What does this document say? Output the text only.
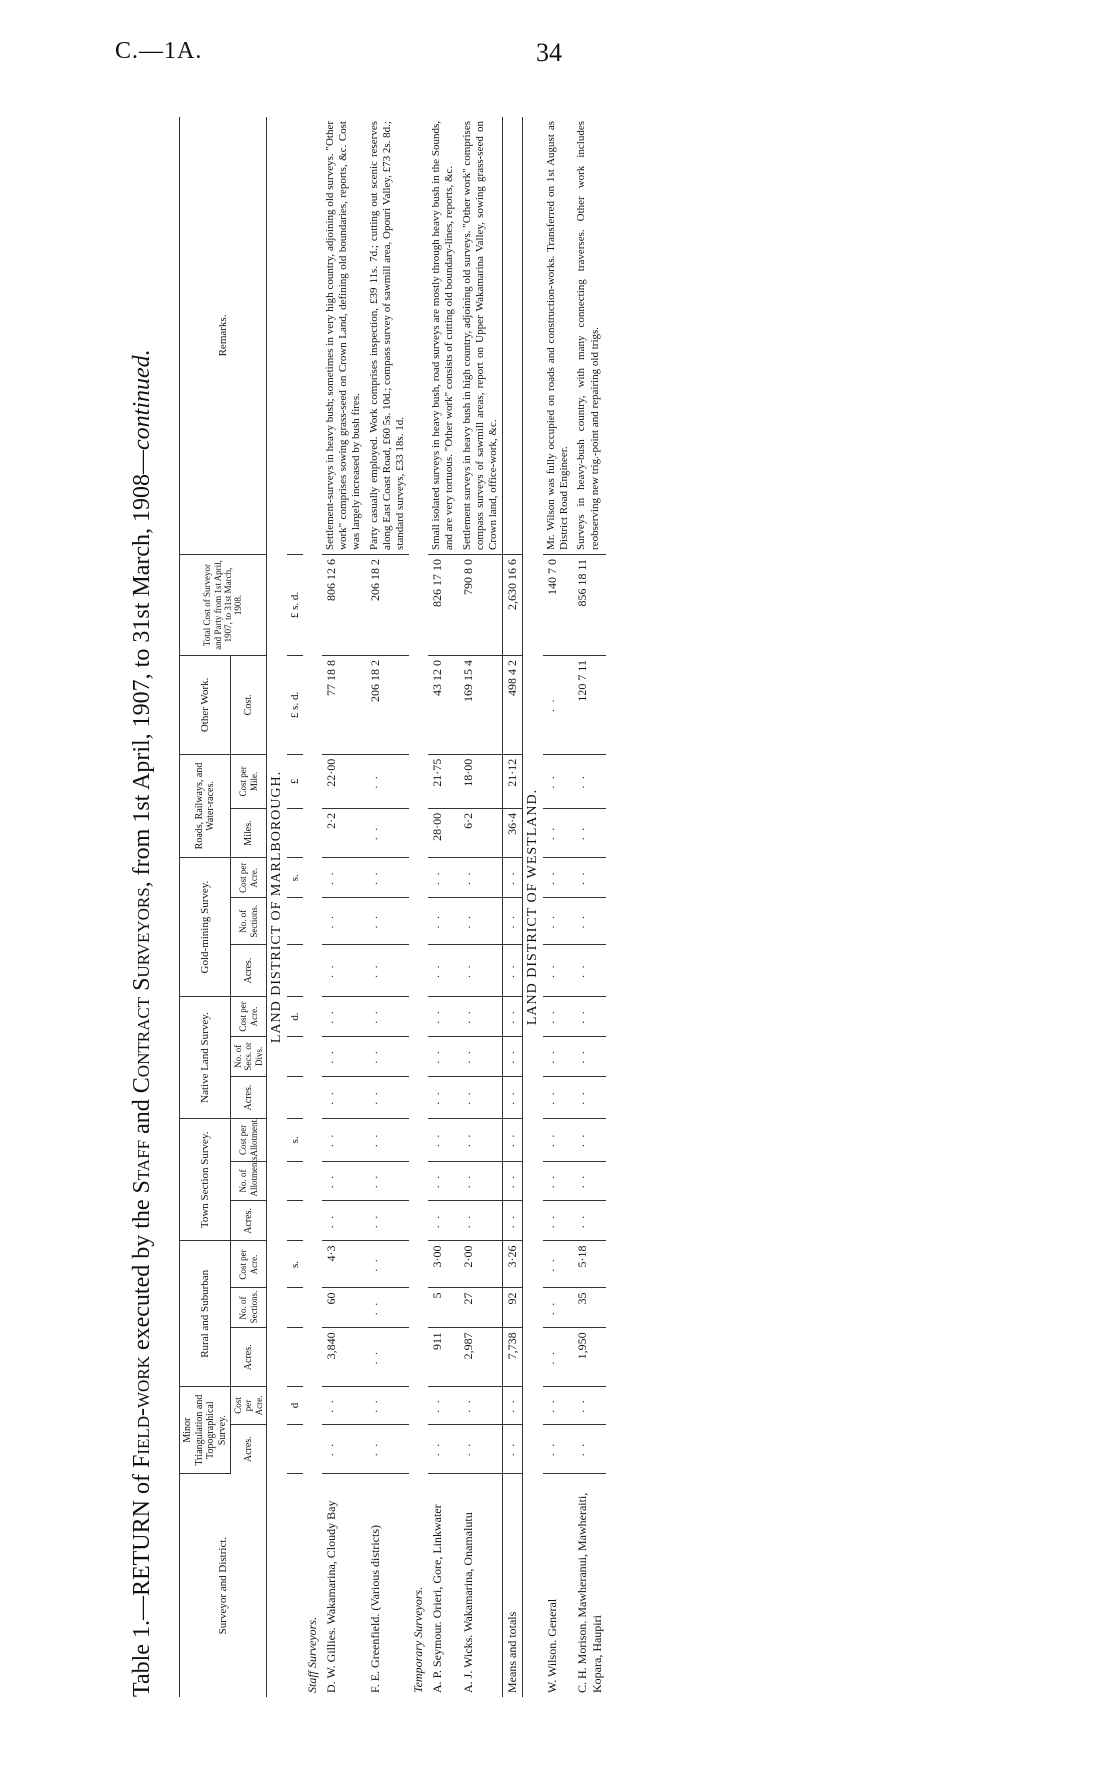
C.—1A.	34
Table 1.—RETURN of Field-work executed by the Staff and Contract Surveyors, from 1st April, 1907, to 31st March, 1908—continued.
Surveyor and District.	Minor Triangulation and Topographical Survey.		Rural and Suburban			Town Section Survey.			Native Land Survey.			Gold-mining Survey.			Roads, Railways, and Water-races.		Other Work.	Total Cost of Surveyor and Party from 1st April, 1907, to 31st March, 1908.	Remarks.
	Acres.	Cost per Acre.	Acres.	No. of Sections.	Cost per Acre.	Acres.	No. of Allotments.	Cost per Allotment.	Acres.	No. of Secs. or Divs.	Cost per Acre.	Acres.	No. of Sections.	Cost per Acre.	Miles.	Cost per Mile.	Cost.		
LAND DISTRICT OF MARLBOROUGH.																			
		d			s.			s.			d.			s.		£	£ s. d.	£ s. d.	
Staff Surveyors.																			
D. W. Gillies. Wakamarina, Cloudy Bay	. .	. .	3,840	60	4·3	. .	. .	. .	. .	. .	. .	. .	. .	. .	2·2	22·00	77 18 8	806 12 6	Settlement-surveys in heavy bush; sometimes in very high country, adjoining old surveys. "Other work" comprises sowing grass-seed on Crown Land, defining old boundaries, reports, &c. Cost was largely increased by bush fires.
F. E. Greenfield. (Various districts)	. .	. .	. .	. .	. .	. .	. .	. .	. .	. .	. .	. .	. .	. .	. .	. .	206 18 2	206 18 2	Party casually employed. Work comprises inspection, £39 11s. 7d.; cutting out scenic reserves along East Coast Road, £60 5s. 10d.; compass survey of sawmill area, Opouri Valley, £73 2s. 8d.; standard surveys, £33 18s. 1d.
Temporary Surveyors.																			
A. P. Seymour. Orieri, Gore, Linkwater	. .	. .	911	5	3·00	. .	. .	. .	. .	. .	. .	. .	. .	. .	28·00	21·75	43 12 0	826 17 10	Small isolated surveys in heavy bush, road surveys are mostly through heavy bush in the Sounds, and are very tortuous. "Other work" consists of cutting old boundary-lines, reports, &c.
A. J. Wicks. Wakamarina, Onamalutu	. .	. .	2,987	27	2·00	. .	. .	. .	. .	. .	. .	. .	. .	. .	6·2	18·00	169 15 4	790 8 0	Settlement surveys in heavy bush in high country, adjoining old surveys. "Other work" comprises compass surveys of sawmill areas, report on Upper Wakamarina Valley, sowing grass-seed on Crown land, office-work, &c.
Means and totals	. .	. .	7,738	92	3·26	. .	. .	. .	. .	. .	. .	. .	. .	. .	36·4	21·12	498 4 2	2,630 16 6	
LAND DISTRICT OF WESTLAND.																			
W. Wilson. General	. .	. .	. .	. .	. .	. .	. .	. .	. .	. .	. .	. .	. .	. .	. .	. .	. .	140 7 0	Mr. Wilson was fully occupied on roads and construction-works. Transferred on 1st August as District Road Engineer.
C. H. Morison. Mawheranui, Mawheraiti, Kopara, Haupiri	. .	. .	1,950	35	5·18	. .	. .	. .	. .	. .	. .	. .	. .	. .	. .	. .	120 7 11	856 18 11	Surveys in heavy-bush country, with many connecting traverses. Other work includes reobserving new trig.-point and repairing old trigs.
